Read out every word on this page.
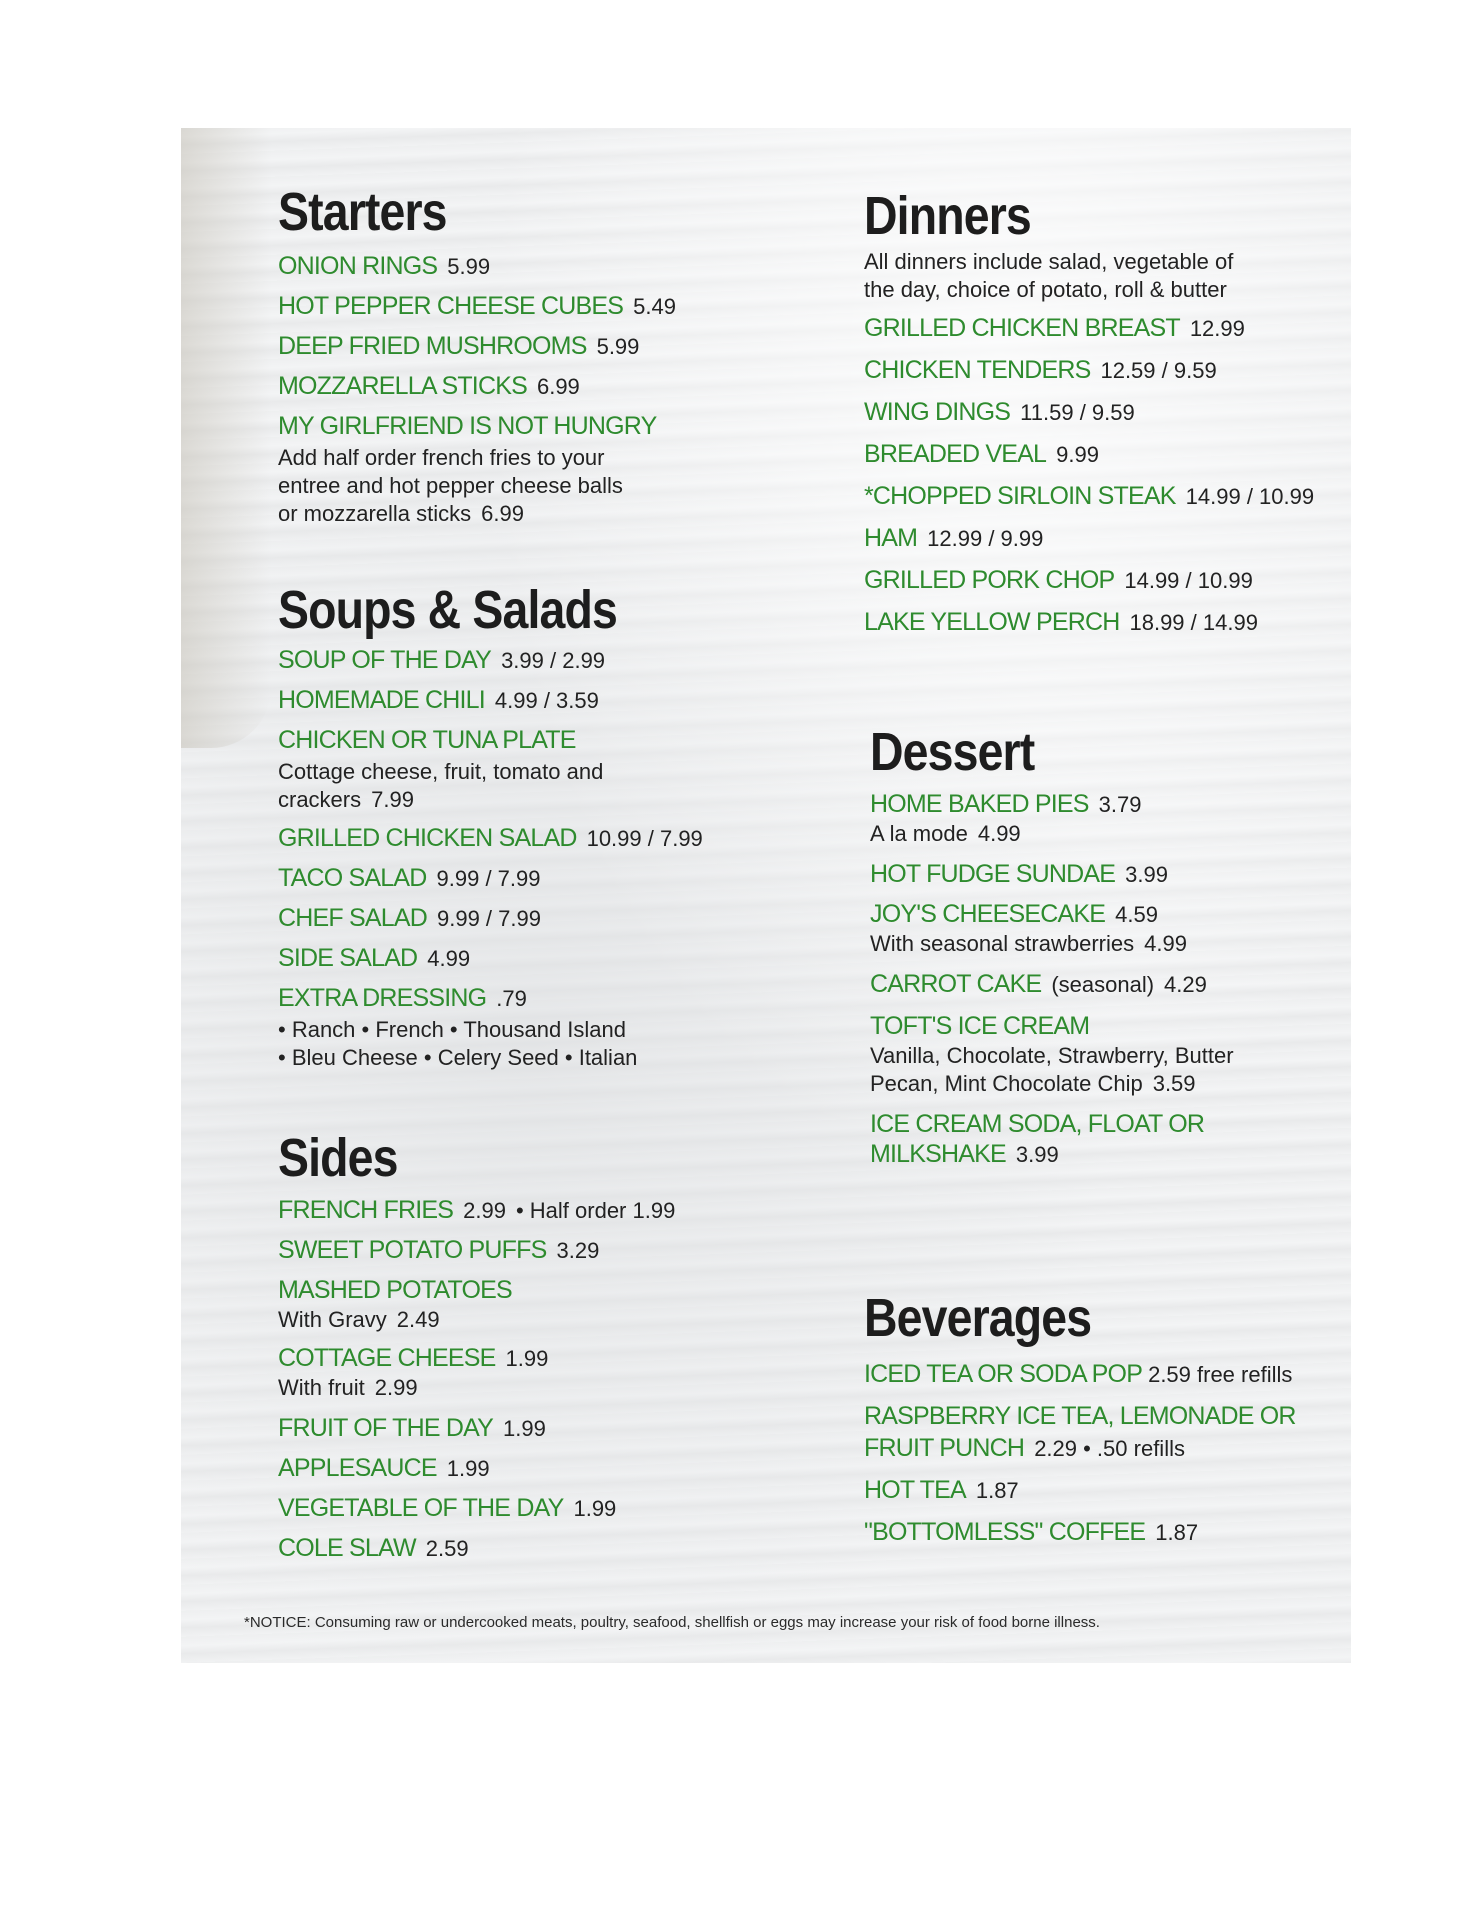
Starters

ONION RINGS 5.99

HOT PEPPER CHEESE CUBES 5.49

DEEP FRIED MUSHROOMS 5.99

MOZZARELLA STICKS 6.99

MY GIRLFRIEND IS NOT HUNGRY

Add half order french fries to your

entree and hot pepper cheese balls

or mozzarella sticks 6.99

Soups & Salads

SOUP OF THE DAY 3.99 / 2.99

HOMEMADE CHILI 4.99 / 3.59

CHICKEN OR TUNA PLATE

Cottage cheese, fruit, tomato and

crackers 7.99

GRILLED CHICKEN SALAD 10.99 / 7.99

TACO SALAD 9.99 / 7.99

CHEF SALAD 9.99 / 7.99

SIDE SALAD 4.99

EXTRA DRESSING .79

• Ranch • French • Thousand Island

• Bleu Cheese • Celery Seed • Italian

Sides

FRENCH FRIES 2.99 • Half order 1.99

SWEET POTATO PUFFS 3.29

MASHED POTATOES

With Gravy 2.49

COTTAGE CHEESE 1.99

With fruit 2.99

FRUIT OF THE DAY 1.99

APPLESAUCE 1.99

VEGETABLE OF THE DAY 1.99

COLE SLAW 2.59

Dinners

All dinners include salad, vegetable of

the day, choice of potato, roll & butter

GRILLED CHICKEN BREAST 12.99

CHICKEN TENDERS 12.59 / 9.59

WING DINGS 11.59 / 9.59

BREADED VEAL 9.99

*CHOPPED SIRLOIN STEAK 14.99 / 10.99

HAM 12.99 / 9.99

GRILLED PORK CHOP 14.99 / 10.99

LAKE YELLOW PERCH 18.99 / 14.99

Dessert

HOME BAKED PIES 3.79

A la mode 4.99

HOT FUDGE SUNDAE 3.99

JOY'S CHEESECAKE 4.59

With seasonal strawberries 4.99

CARROT CAKE (seasonal) 4.29

TOFT'S ICE CREAM

Vanilla, Chocolate, Strawberry, Butter

Pecan, Mint Chocolate Chip 3.59

ICE CREAM SODA, FLOAT OR

MILKSHAKE 3.99

Beverages

ICED TEA OR SODA POP 2.59 free refills

RASPBERRY ICE TEA, LEMONADE OR

FRUIT PUNCH 2.29 • .50 refills

HOT TEA 1.87

"BOTTOMLESS" COFFEE 1.87

*NOTICE: Consuming raw or undercooked meats, poultry, seafood, shellfish or eggs may increase your risk of food borne illness.
